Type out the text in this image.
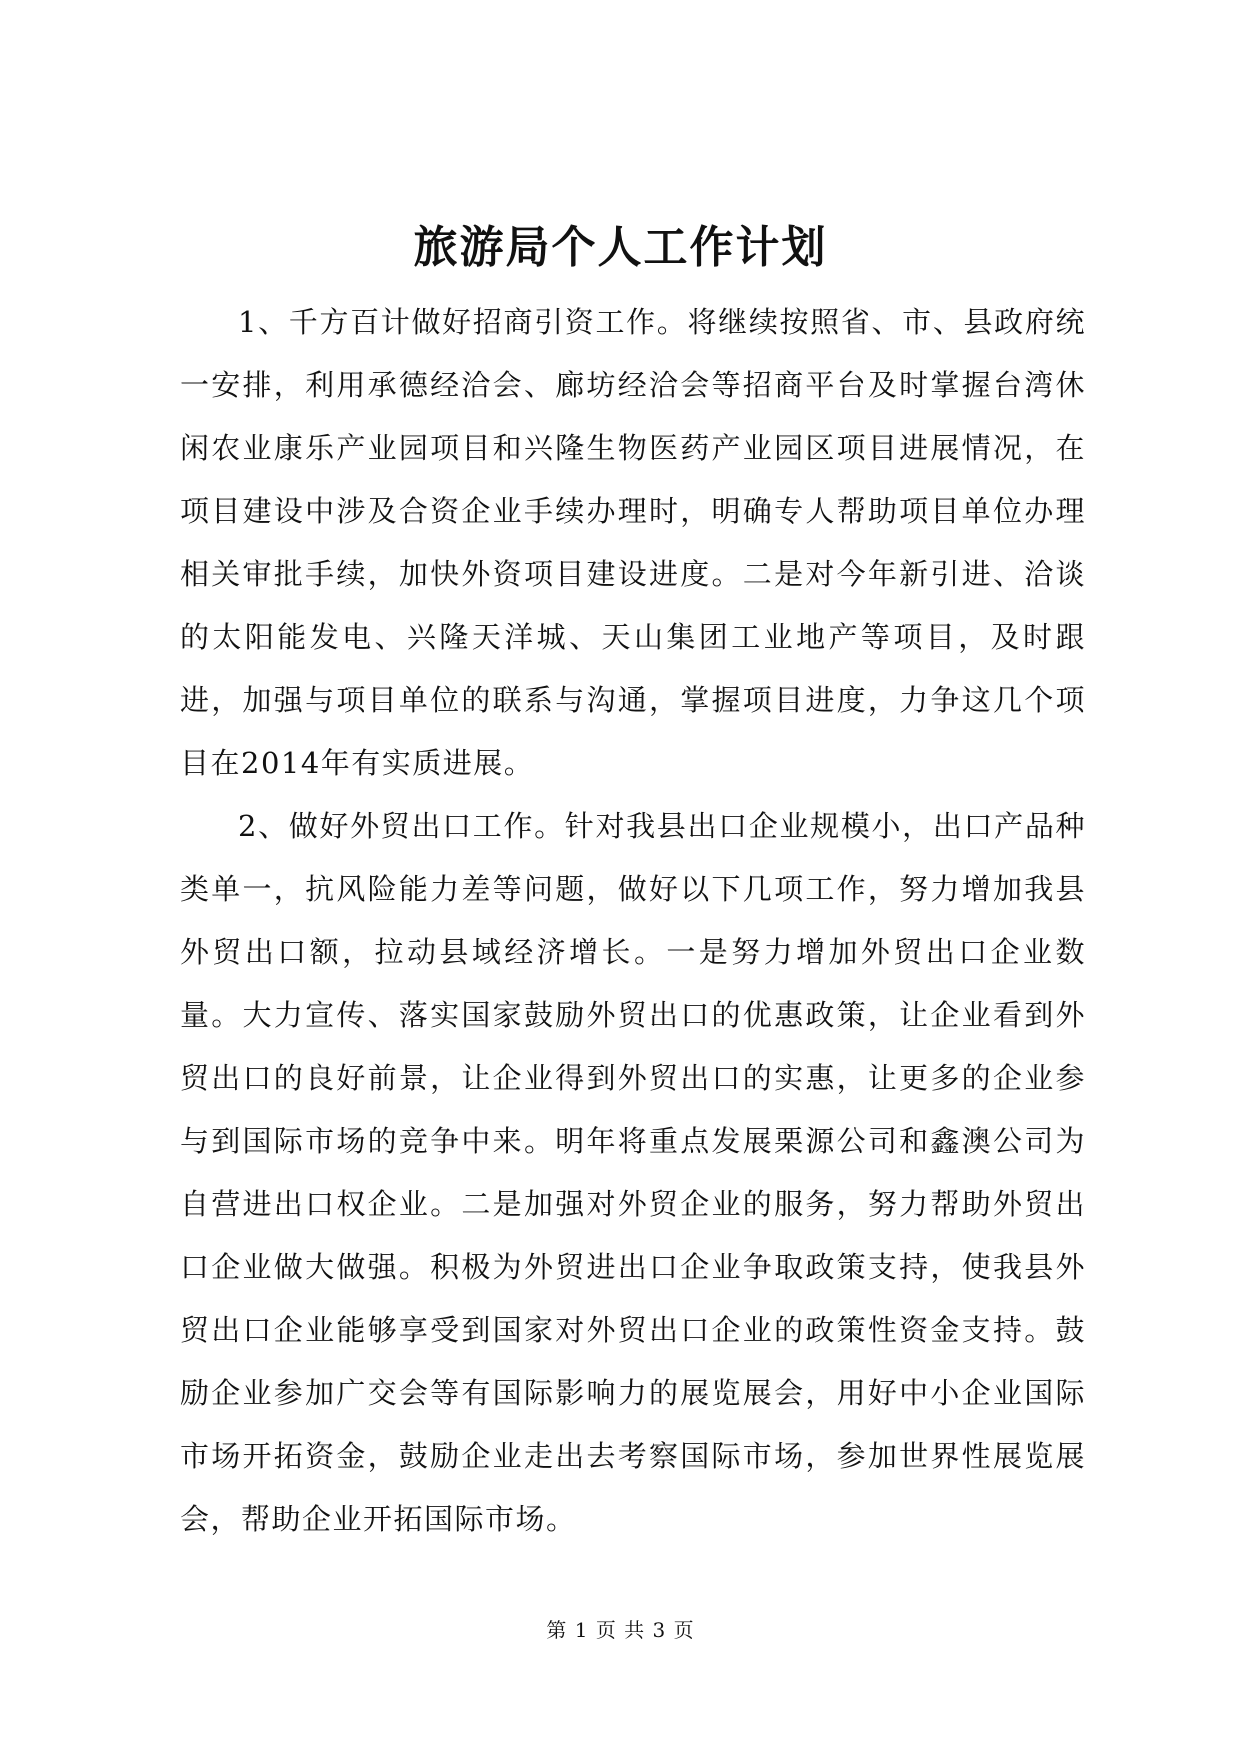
旅游局个人工作计划

1、千方百计做好招商引资工作。将继续按照省、市、县政府统一安排，利用承德经洽会、廊坊经洽会等招商平台及时掌握台湾休闲农业康乐产业园项目和兴隆生物医药产业园区项目进展情况，在项目建设中涉及合资企业手续办理时，明确专人帮助项目单位办理相关审批手续，加快外资项目建设进度。二是对今年新引进、洽谈的太阳能发电、兴隆天洋城、天山集团工业地产等项目，及时跟进，加强与项目单位的联系与沟通，掌握项目进度，力争这几个项目在2014年有实质进展。

2、做好外贸出口工作。针对我县出口企业规模小，出口产品种类单一，抗风险能力差等问题，做好以下几项工作，努力增加我县外贸出口额，拉动县域经济增长。一是努力增加外贸出口企业数量。大力宣传、落实国家鼓励外贸出口的优惠政策，让企业看到外贸出口的良好前景，让企业得到外贸出口的实惠，让更多的企业参与到国际市场的竞争中来。明年将重点发展栗源公司和鑫澳公司为自营进出口权企业。二是加强对外贸企业的服务，努力帮助外贸出口企业做大做强。积极为外贸进出口企业争取政策支持，使我县外贸出口企业能够享受到国家对外贸出口企业的政策性资金支持。鼓励企业参加广交会等有国际影响力的展览展会，用好中小企业国际市场开拓资金，鼓励企业走出去考察国际市场，参加世界性展览展会，帮助企业开拓国际市场。

第 1 页 共 3 页
